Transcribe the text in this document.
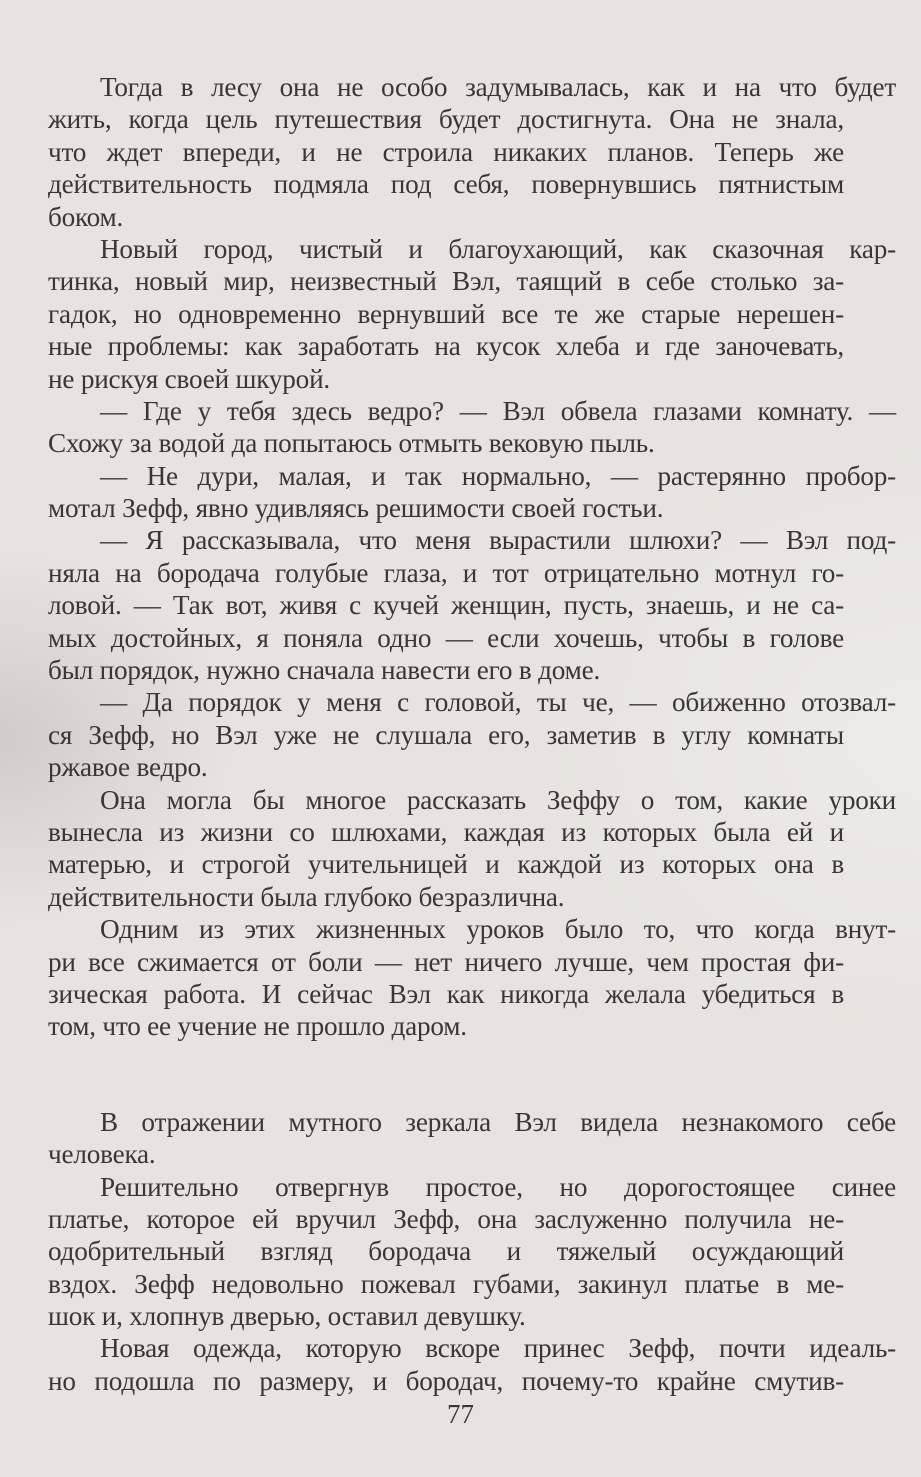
Тогда в лесу она не особо задумывалась, как и на что будет
жить, когда цель путешествия будет достигнута. Она не знала,
что ждет впереди, и не строила никаких планов. Теперь же
действительность подмяла под себя, повернувшись пятнистым
боком.
Новый город, чистый и благоухающий, как сказочная кар-
тинка, новый мир, неизвестный Вэл, таящий в себе столько за-
гадок, но одновременно вернувший все те же старые нерешен-
ные проблемы: как заработать на кусок хлеба и где заночевать,
не рискуя своей шкурой.
— Где у тебя здесь ведро? — Вэл обвела глазами комнату. —
Схожу за водой да попытаюсь отмыть вековую пыль.
— Не дури, малая, и так нормально, — растерянно пробор-
мотал Зефф, явно удивляясь решимости своей гостьи.
— Я рассказывала, что меня вырастили шлюхи? — Вэл под-
няла на бородача голубые глаза, и тот отрицательно мотнул го-
ловой. — Так вот, живя с кучей женщин, пусть, знаешь, и не са-
мых достойных, я поняла одно — если хочешь, чтобы в голове
был порядок, нужно сначала навести его в доме.
— Да порядок у меня с головой, ты че, — обиженно отозвал-
ся Зефф, но Вэл уже не слушала его, заметив в углу комнаты
ржавое ведро.
Она могла бы многое рассказать Зеффу о том, какие уроки
вынесла из жизни со шлюхами, каждая из которых была ей и
матерью, и строгой учительницей и каждой из которых она в
действительности была глубоко безразлична.
Одним из этих жизненных уроков было то, что когда внут-
ри все сжимается от боли — нет ничего лучше, чем простая фи-
зическая работа. И сейчас Вэл как никогда желала убедиться в
том, что ее учение не прошло даром.
В отражении мутного зеркала Вэл видела незнакомого себе
человека.
Решительно отвергнув простое, но дорогостоящее синее
платье, которое ей вручил Зефф, она заслуженно получила не-
одобрительный взгляд бородача и тяжелый осуждающий
вздох. Зефф недовольно пожевал губами, закинул платье в ме-
шок и, хлопнув дверью, оставил девушку.
Новая одежда, которую вскоре принес Зефф, почти идеаль-
но подошла по размеру, и бородач, почему-то крайне смутив-
77
